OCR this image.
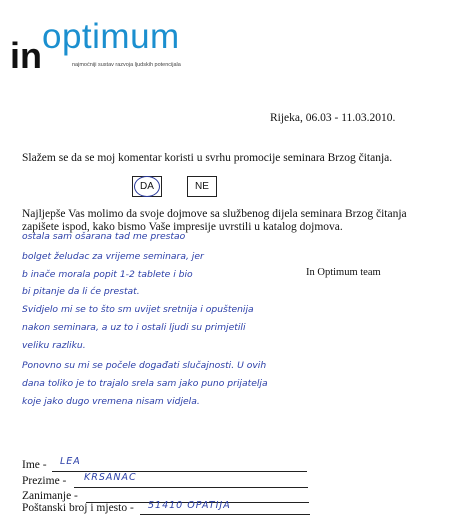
optimum
in	najmoćniji sustav razvoja ljudskih potencijala
Rijeka, 06.03 - 11.03.2010.
Slažem se da se moj komentar koristi u svrhu promocije seminara Brzog čitanja.
DA	NE
Najljepše Vas molimo da svoje dojmove sa službenog dijela seminara Brzog čitanja zapišete ispod, kako bismo Vaše impresije uvrstili u katalog dojmova.
ostala sam ošarana tad me prestao
bolget želudac za vrijeme seminara, jer
b inače morala popit 1-2 tablete i bio
bi pitanje da li će prestat.
In Optimum team
Svidjelo mi se to što sm uvijet sretnija i opuštenija
nakon seminara, a uz to i ostali ljudi su primjetili
veliku razliku.
Ponovno su mi se počele događati slučajnosti. U ovih
dana toliko je to trajalo srela sam jako puno prijatelja
koje jako dugo vremena nisam vidjela.
Ime - LEA
Prezime - KRSANAC
Zanimanje -
Poštanski broj i mjesto - 51410 OPATIJA
